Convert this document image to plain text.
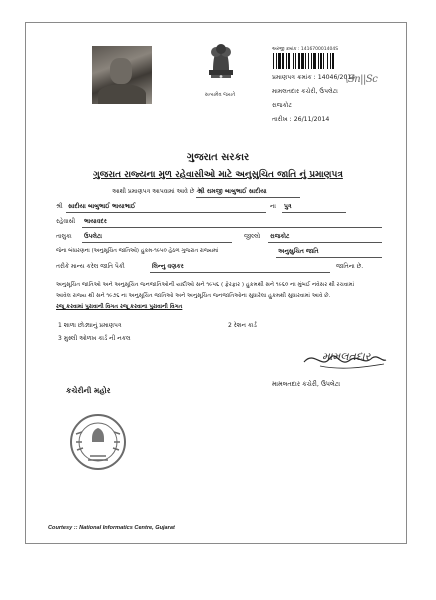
સત્યમેવ જયતે
અરજી ક્રમાંક : 141670001404S
પ્રમાણપત્ર ક્રમાંક : 14046/2014
\Sn||Sc
મામલતદાર કચેરી, ઉપલેટા
રાજકોટ
તારીખ : 26/11/2014
ગુજરાત સરકાર
ગુજરાત રાજ્યના મુળ રહેવાસીઓ માટે અનુસુચિત જાતિ નું પ્રમાણપત્ર
આથી પ્રમાણપત્ર આપવામાં આવે છે કે,
શ્રી રામજી બાબુભાઈ સાદીયા
શ્રી સાદીયા બાબુભાઈ ભાયાભાઈ	ના પુત્ર
રહેવાસી ભાયાવદર
તાલુકા ઉપલેટા	જીલ્લો રાજકોટ
જેના બંધારણના (અનુસૂચિત જાતિઓ) હુકમ-૧૯૫૦ હેઠળ ગુજરાત રાજ્યમાં	અનુસુચિત જાતિ
તરીકે માન્ય કરેલ જાતિ પૈકી	લિન્નુ વણકર	જાતિના છે.
અનુસૂચિત જાતિઓ અને અનુસૂચિત જનજાતિઓની યાદીઓ સને ૧૯૫૬ ( ફેરફાર ) હુકમથી સને ૧૯૬૦ ના મુંબઈ નવેસર થી રચવામાં
આવેલ રાજ્ય થી સને ૧૯૭૬ ના અનુસૂચિત જાતિઓ અને અનુસૂચિત જનજાતિઓના સુધારેલા હુકમથી સુધારવામાં આવે છે.
રજૂ કરવામાં પુરાવાની વિગત રજૂ કરવાના પુરાવાની વિગત
1 શાળા છોડ્યાનું પ્રમાણપત્ર	2 રેશન કાર્ડ
3 મુસ્લી ઓળખ કાર્ડ ની નકલ
મામલતદાર
કચેરીની મહોર
મામલતદાર કચેરી, ઉપલેટા
Courtesy :: National Informatics Centre, Gujarat
